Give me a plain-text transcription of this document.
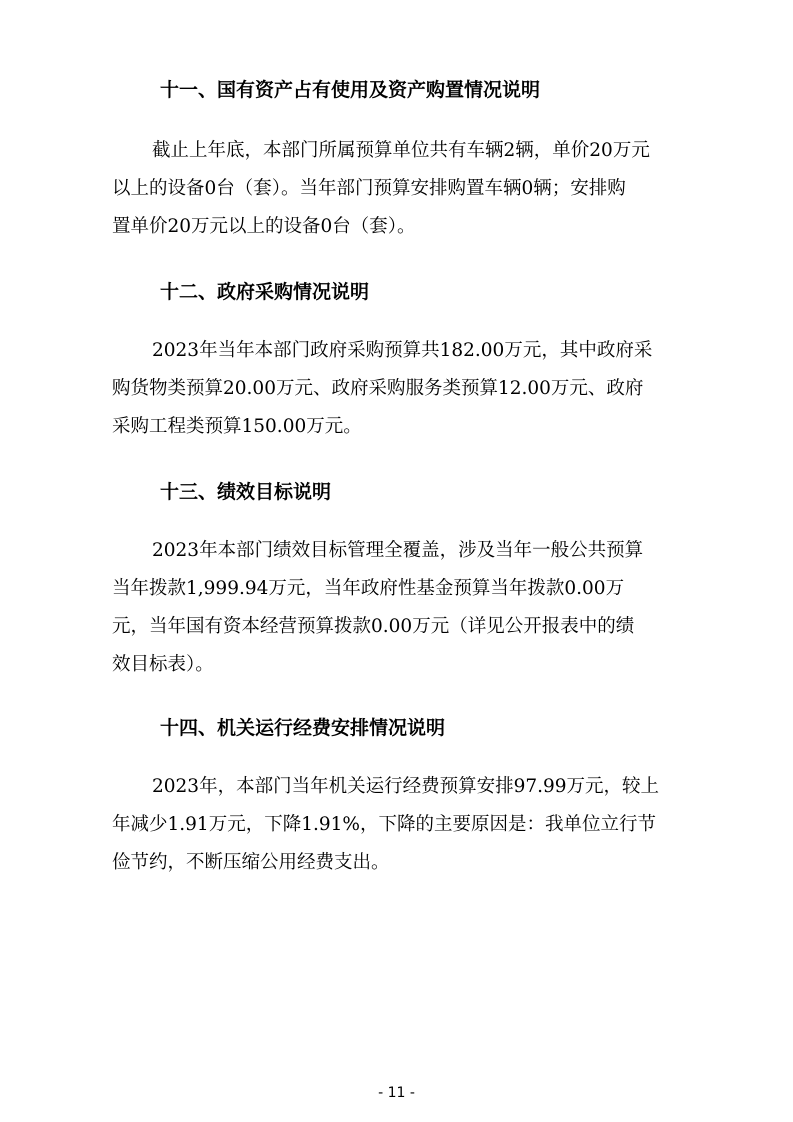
十一、国有资产占有使用及资产购置情况说明

截止上年底，本部门所属预算单位共有车辆2辆，单价20万元
以上的设备0台（套）。当年部门预算安排购置车辆0辆；安排购
置单价20万元以上的设备0台（套）。

十二、政府采购情况说明

2023年当年本部门政府采购预算共182.00万元，其中政府采
购货物类预算20.00万元、政府采购服务类预算12.00万元、政府
采购工程类预算150.00万元。

十三、绩效目标说明

2023年本部门绩效目标管理全覆盖，涉及当年一般公共预算
当年拨款1,999.94万元，当年政府性基金预算当年拨款0.00万
元，当年国有资本经营预算拨款0.00万元（详见公开报表中的绩
效目标表）。

十四、机关运行经费安排情况说明

2023年，本部门当年机关运行经费预算安排97.99万元，较上
年减少1.91万元，下降1.91%，下降的主要原因是：我单位立行节
俭节约，不断压缩公用经费支出。

- 11 -
